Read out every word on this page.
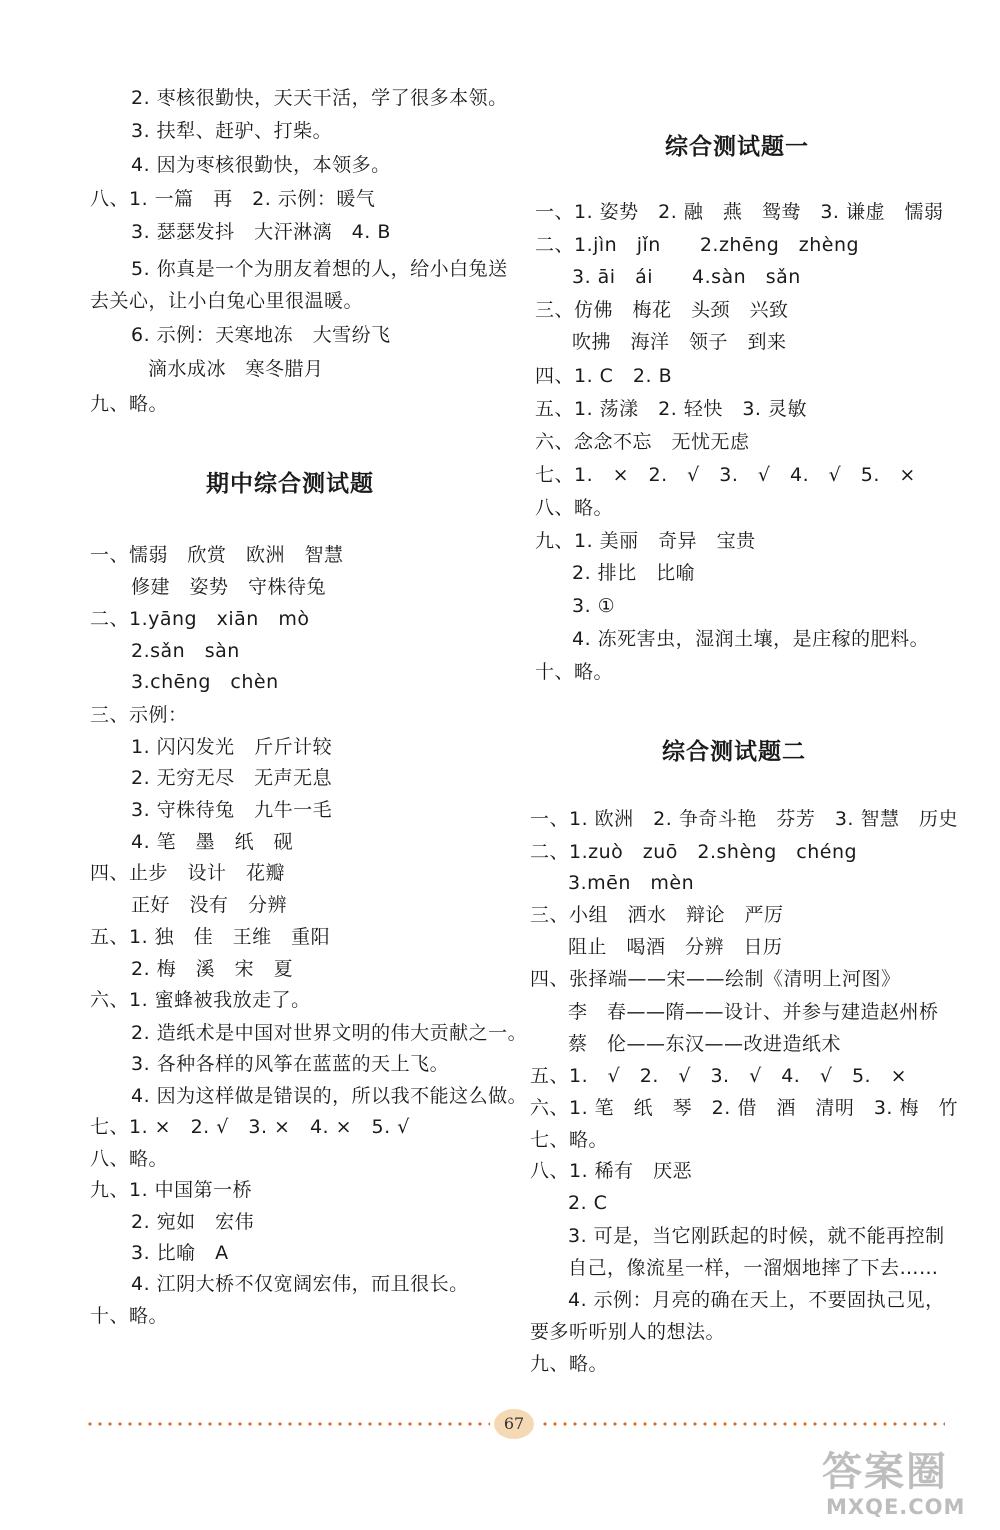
2. 枣核很勤快，天天干活，学了很多本领。
3. 扶犁、赶驴、打柴。
4. 因为枣核很勤快，本领多。
八、1. 一篇　再　2. 示例：暖气
3. 瑟瑟发抖　大汗淋漓　4. B
5. 你真是一个为朋友着想的人，给小白兔送
去关心，让小白兔心里很温暖。
6. 示例：天寒地冻　大雪纷飞
滴水成冰　寒冬腊月
九、略。
期中综合测试题
一、懦弱　欣赏　欧洲　智慧
修建　姿势　守株待兔
二、1.yāng　xiān　mò
2.sǎn　sàn
3.chēng　chèn
三、示例：
1. 闪闪发光　斤斤计较
2. 无穷无尽　无声无息
3. 守株待兔　九牛一毛
4. 笔　墨　纸　砚
四、止步　设计　花瓣
正好　没有　分辨
五、1. 独　佳　王维　重阳
2. 梅　溪　宋　夏
六、1. 蜜蜂被我放走了。
2. 造纸术是中国对世界文明的伟大贡献之一。
3. 各种各样的风筝在蓝蓝的天上飞。
4. 因为这样做是错误的，所以我不能这么做。
七、1. ×　2. √　3. ×　4. ×　5. √
八、略。
九、1. 中国第一桥
2. 宛如　宏伟
3. 比喻　A
4. 江阴大桥不仅宽阔宏伟，而且很长。
十、略。
综合测试题一
一、1. 姿势　2. 融　燕　鸳鸯　3. 谦虚　懦弱
二、1.jìn　jǐn　　2.zhēng　zhèng
3. āi　ái　　4.sàn　sǎn
三、仿佛　梅花　头颈　兴致
吹拂　海洋　领子　到来
四、1. C　2. B
五、1. 荡漾　2. 轻快　3. 灵敏
六、念念不忘　无忧无虑
七、1.　×　2.　√　3.　√　4.　√　5.　×
八、略。
九、1. 美丽　奇异　宝贵
2. 排比　比喻
3. ①
4. 冻死害虫，湿润土壤，是庄稼的肥料。
十、略。
综合测试题二
一、1. 欧洲　2. 争奇斗艳　芬芳　3. 智慧　历史
二、1.zuò　zuō　2.shèng　chéng
3.mēn　mèn
三、小组　洒水　辩论　严厉
阻止　喝酒　分辨　日历
四、张择端——宋——绘制《清明上河图》
李　春——隋——设计、并参与建造赵州桥
蔡　伦——东汉——改进造纸术
五、1.　√　2.　√　3.　√　4.　√　5.　×
六、1. 笔　纸　琴　2. 借　酒　清明　3. 梅　竹
七、略。
八、1. 稀有　厌恶
2. C
3. 可是，当它刚跃起的时候，就不能再控制
自己，像流星一样，一溜烟地摔了下去……
4. 示例：月亮的确在天上，不要固执己见，
要多听听别人的想法。
九、略。
67
答案圈
MXQE.COM
